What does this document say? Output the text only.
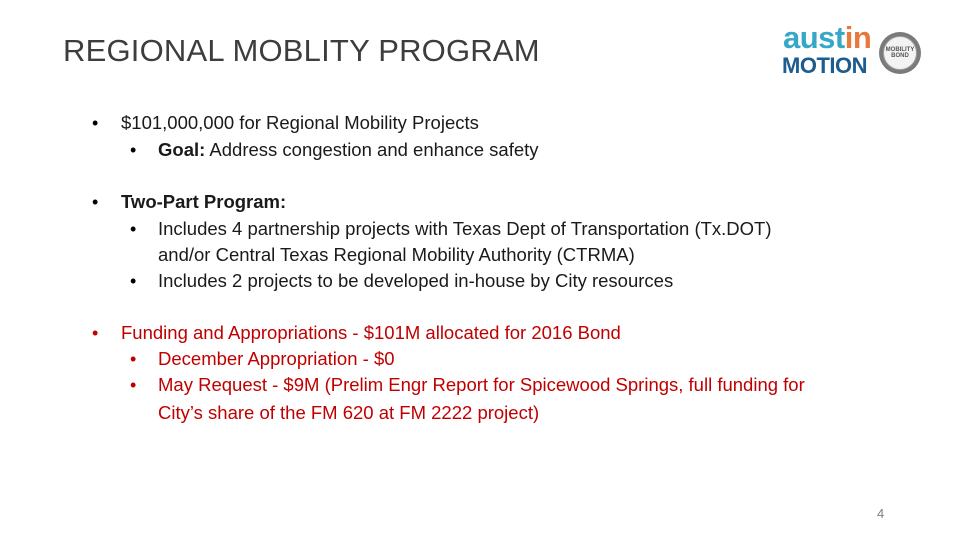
REGIONAL MOBLITY PROGRAM	austin
MOTION
MOBILITY
BOND
• $101,000,000 for Regional Mobility Projects
• Goal: Address congestion and enhance safety
• Two-Part Program:
• Includes 4 partnership projects with Texas Dept of Transportation (Tx.DOT)
and/or Central Texas Regional Mobility Authority (CTRMA)
• Includes 2 projects to be developed in-house by City resources
• Funding and Appropriations - $101M allocated for 2016 Bond
• December Appropriation - $0
• May Request - $9M (Prelim Engr Report for Spicewood Springs, full funding for
City’s share of the FM 620 at FM 2222 project)
4
